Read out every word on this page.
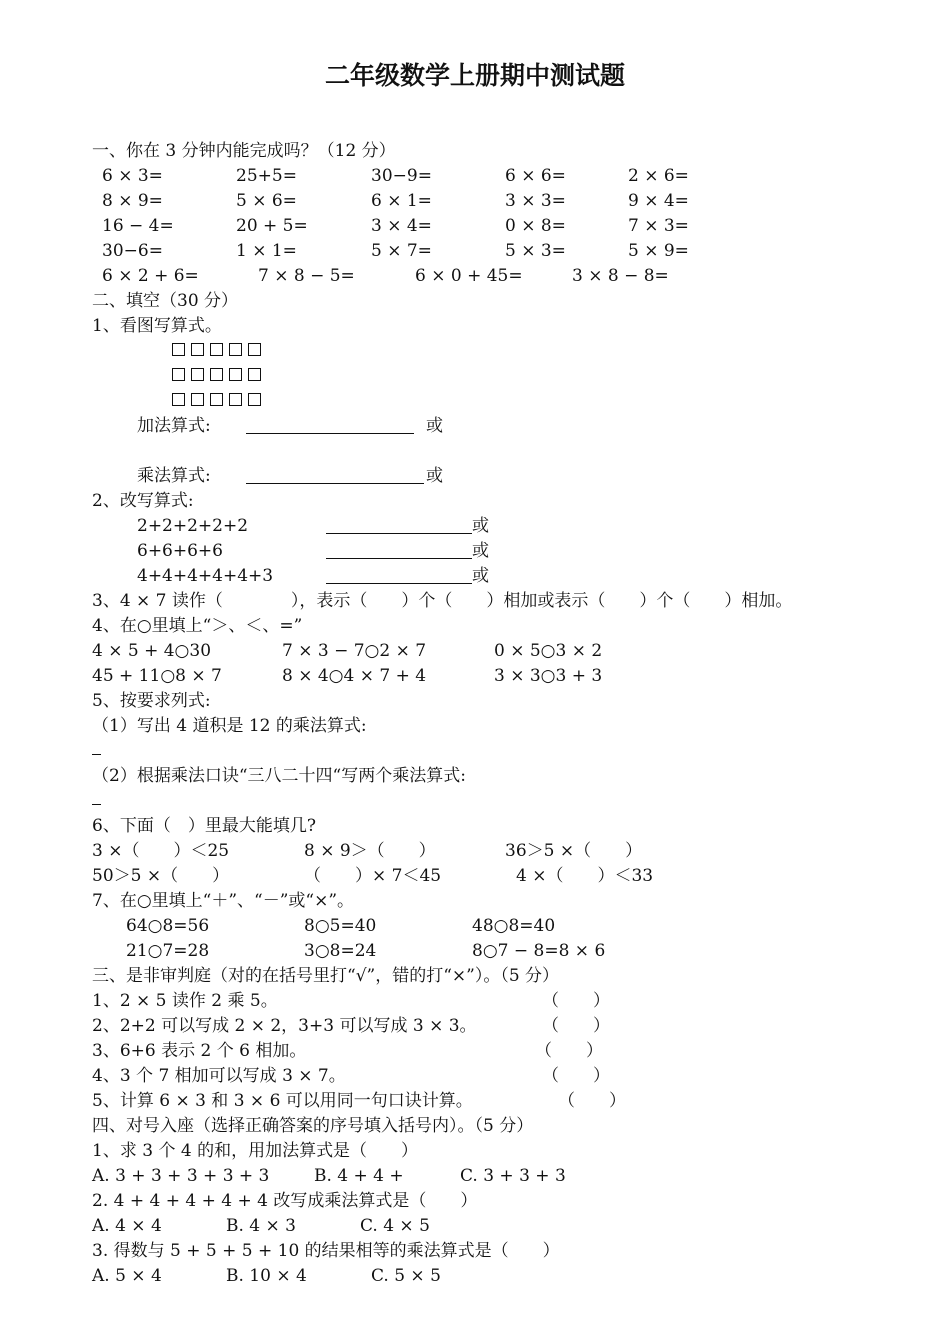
二年级数学上册期中测试题
一、你在 3 分钟内能完成吗？（12 分）
6 × 3=	25+5=	30−9=	6 × 6=	2 × 6=
8 × 9=	5 × 6=	6 × 1=	3 × 3=	9 × 4=
16 − 4=	20 + 5=	3 × 4=	0 × 8=	7 × 3=
30−6=	1 × 1=	5 × 7=	5 × 3=	5 × 9=
6 × 2 + 6=	7 × 8 − 5=	6 × 0 + 45=	3 × 8 − 8=
二、填空（30 分）
1、看图写算式。
加法算式:	或
乘法算式:	或
2、改写算式:
2+2+2+2+2	或
6+6+6+6	或
4+4+4+4+4+3	或
3、4 × 7 读作（　　　　），表示（　　）个（　　）相加或表示（　　）个（　　）相加。
4、在○里填上“＞、＜、=”
4 × 5 + 4○30	7 × 3 − 7○2 × 7	0 × 5○3 × 2
45 + 11○8 × 7	8 × 4○4 × 7 + 4	3 × 3○3 + 3
5、按要求列式:
（1）写出 4 道积是 12 的乘法算式:
（2）根据乘法口诀“三八二十四“写两个乘法算式:
6、下面（　）里最大能填几?
3 ×（　　）＜25	8 × 9＞（　　）	36＞5 ×（　　）
50＞5 ×（　　）	（　　）× 7＜45	4 ×（　　）＜33
7、在○里填上“＋”、“－”或“×”。
64○8=56	8○5=40	48○8=40
21○7=28	3○8=24	8○7 − 8=8 × 6
三、是非审判庭（对的在括号里打“√”，错的打“×”）。（5 分）
1、2 × 5 读作 2 乘 5。	（　　）
2、2+2 可以写成 2 × 2，3+3 可以写成 3 × 3。	（　　）
3、6+6 表示 2 个 6 相加。	（　　）
4、3 个 7 相加可以写成 3 × 7。	（　　）
5、计算 6 × 3 和 3 × 6 可以用同一句口诀计算。	（　　）
四、对号入座（选择正确答案的序号填入括号内）。（5 分）
1、求 3 个 4 的和，用加法算式是（　　）
A. 3 + 3 + 3 + 3 + 3	B. 4 + 4 +	C. 3 + 3 + 3
2. 4 + 4 + 4 + 4 + 4 改写成乘法算式是（　　）
A. 4 × 4	B. 4 × 3	C. 4 × 5
3. 得数与 5 + 5 + 5 + 10 的结果相等的乘法算式是（　　）
A. 5 × 4	B. 10 × 4	C. 5 × 5
